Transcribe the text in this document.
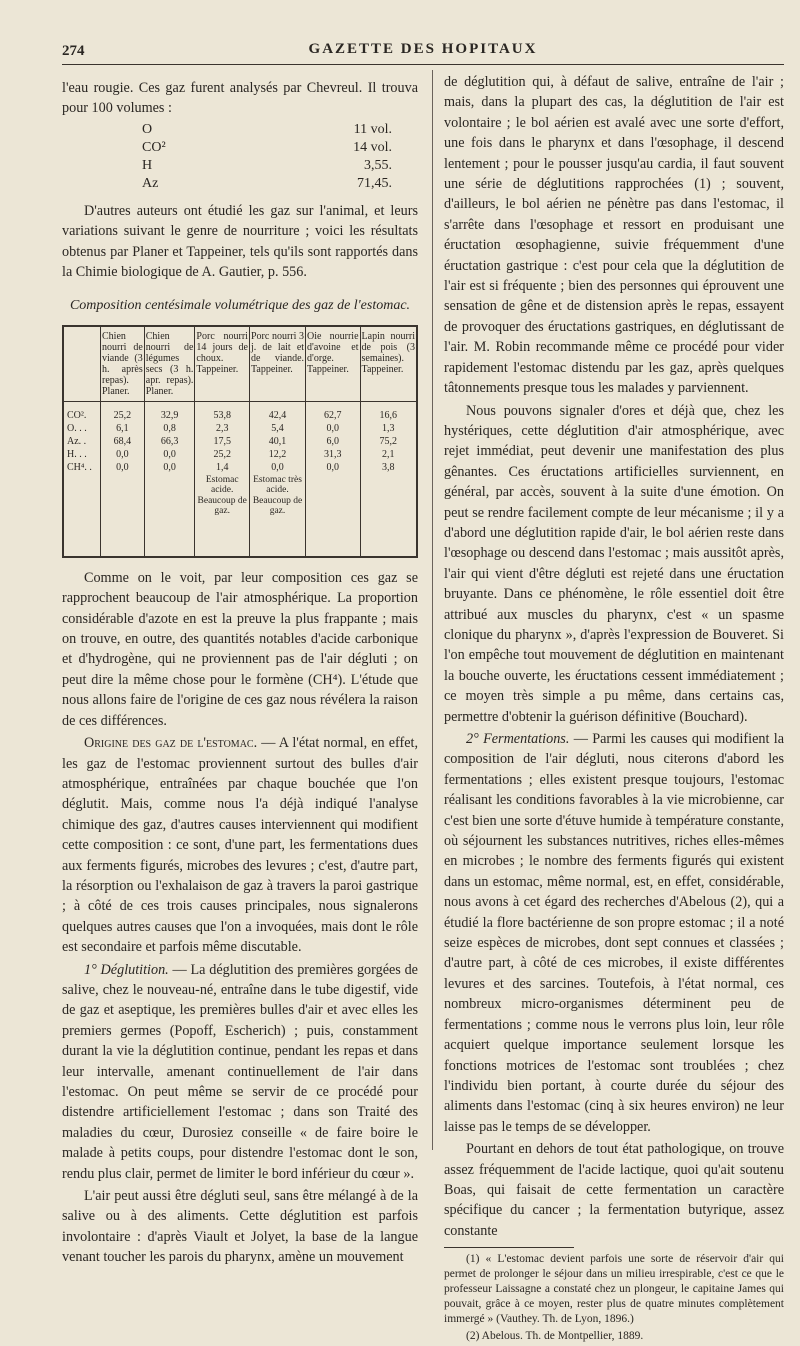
274	GAZETTE DES HOPITAUX

l'eau rougie. Ces gaz furent analysés par Chevreul. Il trouva pour 100 volumes :

O	11 vol.
CO²	14 vol.
H	3,55.
Az	71,45.

D'autres auteurs ont étudié les gaz sur l'animal, et leurs variations suivant le genre de nourriture ; voici les résultats obtenus par Planer et Tappeiner, tels qu'ils sont rapportés dans la Chimie biologique de A. Gautier, p. 556.

Composition centésimale volumétrique des gaz de l'estomac.
	Chien nourri de viande (3 h. après repas). Planer.	Chien nourri de légumes secs (3 h. apr. repas). Planer.	Porc nourri 14 jours de choux. Tappeiner.	Porc nourri 3 j. de lait et de viande. Tappeiner.	Oie nourrie d'avoine et d'orge. Tappeiner.	Lapin nourri de pois (3 semaines). Tappeiner.
CO².	25,2	32,9	53,8	42,4	62,7	16,6
O. . .	6,1	0,8	2,3	5,4	0,0	1,3
Az. .	68,4	66,3	17,5	40,1	6,0	75,2
H. . .	0,0	0,0	25,2	12,2	31,3	2,1
CH⁴. .	0,0	0,0	1,4	0,0	0,0	3,8
			Estomac acide. Beaucoup de gaz.	Estomac très acide. Beaucoup de gaz.		

Comme on le voit, par leur composition ces gaz se rapprochent beaucoup de l'air atmosphérique. La proportion considérable d'azote en est la preuve la plus frappante ; mais on trouve, en outre, des quantités notables d'acide carbonique et d'hydrogène, qui ne proviennent pas de l'air dégluti ; on peut dire la même chose pour le formène (CH⁴). L'étude que nous allons faire de l'origine de ces gaz nous révélera la raison de ces différences.

Origine des gaz de l'estomac. — A l'état normal, en effet, les gaz de l'estomac proviennent surtout des bulles d'air atmosphérique, entraînées par chaque bouchée que l'on déglutit. Mais, comme nous l'a déjà indiqué l'analyse chimique des gaz, d'autres causes interviennent qui modifient cette composition : ce sont, d'une part, les fermentations dues aux ferments figurés, microbes des levures ; c'est, d'autre part, la résorption ou l'exhalaison de gaz à travers la paroi gastrique ; à côté de ces trois causes principales, nous signalerons quelques autres causes que l'on a invoquées, mais dont le rôle est secondaire et parfois même discutable.

1° Déglutition. — La déglutition des premières gorgées de salive, chez le nouveau-né, entraîne dans le tube digestif, vide de gaz et aseptique, les premières bulles d'air et avec elles les premiers germes (Popoff, Escherich) ; puis, constamment durant la vie la déglutition continue, pendant les repas et dans leur intervalle, amenant continuellement de l'air dans l'estomac. On peut même se servir de ce procédé pour distendre artificiellement l'estomac ; dans son Traité des maladies du cœur, Durosiez conseille « de faire boire le malade à petits coups, pour distendre l'estomac dont le son, rendu plus clair, permet de limiter le bord inférieur du cœur ».

L'air peut aussi être dégluti seul, sans être mélangé à de la salive ou à des aliments. Cette déglutition est parfois involontaire : d'après Viault et Jolyet, la base de la langue venant toucher les parois du pharynx, amène un mouvement

de déglutition qui, à défaut de salive, entraîne de l'air ; mais, dans la plupart des cas, la déglutition de l'air est volontaire ; le bol aérien est avalé avec une sorte d'effort, une fois dans le pharynx et dans l'œsophage, il descend lentement ; pour le pousser jusqu'au cardia, il faut souvent une série de déglutitions rapprochées (1) ; souvent, d'ailleurs, le bol aérien ne pénètre pas dans l'estomac, il s'arrête dans l'œsophage et ressort en produisant une éructation œsophagienne, suivie fréquemment d'une éructation gastrique : c'est pour cela que la déglutition de l'air est si fréquente ; bien des personnes qui éprouvent une sensation de gêne et de distension après le repas, essayent de provoquer des éructations gastriques, en déglutissant de l'air. M. Robin recommande même ce procédé pour vider rapidement l'estomac distendu par les gaz, après quelques tâtonnements presque tous les malades y parviennent.

Nous pouvons signaler d'ores et déjà que, chez les hystériques, cette déglutition d'air atmosphérique, avec rejet immédiat, peut devenir une manifestation des plus gênantes. Ces éructations artificielles surviennent, en général, par accès, souvent à la suite d'une émotion. On peut se rendre facilement compte de leur mécanisme ; il y a d'abord une déglutition rapide d'air, le bol aérien reste dans l'œsophage ou descend dans l'estomac ; mais aussitôt après, l'air qui vient d'être dégluti est rejeté dans une éructation bruyante. Dans ce phénomène, le rôle essentiel doit être attribué aux muscles du pharynx, c'est « un spasme clonique du pharynx », d'après l'expression de Bouveret. Si l'on empêche tout mouvement de déglutition en maintenant la bouche ouverte, les éructations cessent immédiatement ; ce moyen très simple a pu même, dans certains cas, permettre d'obtenir la guérison définitive (Bouchard).

2° Fermentations. — Parmi les causes qui modifient la composition de l'air dégluti, nous citerons d'abord les fermentations ; elles existent presque toujours, l'estomac réalisant les conditions favorables à la vie microbienne, car c'est bien une sorte d'étuve humide à température constante, où séjournent les substances nutritives, riches elles-mêmes en microbes ; le nombre des ferments figurés qui existent dans un estomac, même normal, est, en effet, considérable, nous avons à cet égard des recherches d'Abelous (2), qui a étudié la flore bactérienne de son propre estomac ; il a noté seize espèces de microbes, dont sept connues et classées ; d'autre part, à côté de ces microbes, il existe différentes levures et des sarcines. Toutefois, à l'état normal, ces nombreux micro-organismes déterminent peu de fermentations ; comme nous le verrons plus loin, leur rôle acquiert quelque importance seulement lorsque les fonctions motrices de l'estomac sont troublées ; chez l'individu bien portant, à courte durée du séjour des aliments dans l'estomac (cinq à six heures environ) ne leur laisse pas le temps de se développer.

Pourtant en dehors de tout état pathologique, on trouve assez fréquemment de l'acide lactique, quoi qu'ait soutenu Boas, qui faisait de cette fermentation un caractère spécifique du cancer ; la fermentation butyrique, assez constante

(1) « L'estomac devient parfois une sorte de réservoir d'air qui permet de prolonger le séjour dans un milieu irrespirable, c'est ce que le professeur Laissagne a constaté chez un plongeur, le capitaine James qui pouvait, grâce à ce moyen, rester plus de quatre minutes complètement immergé » (Vauthey. Th. de Lyon, 1896.)

(2) Abelous. Th. de Montpellier, 1889.
